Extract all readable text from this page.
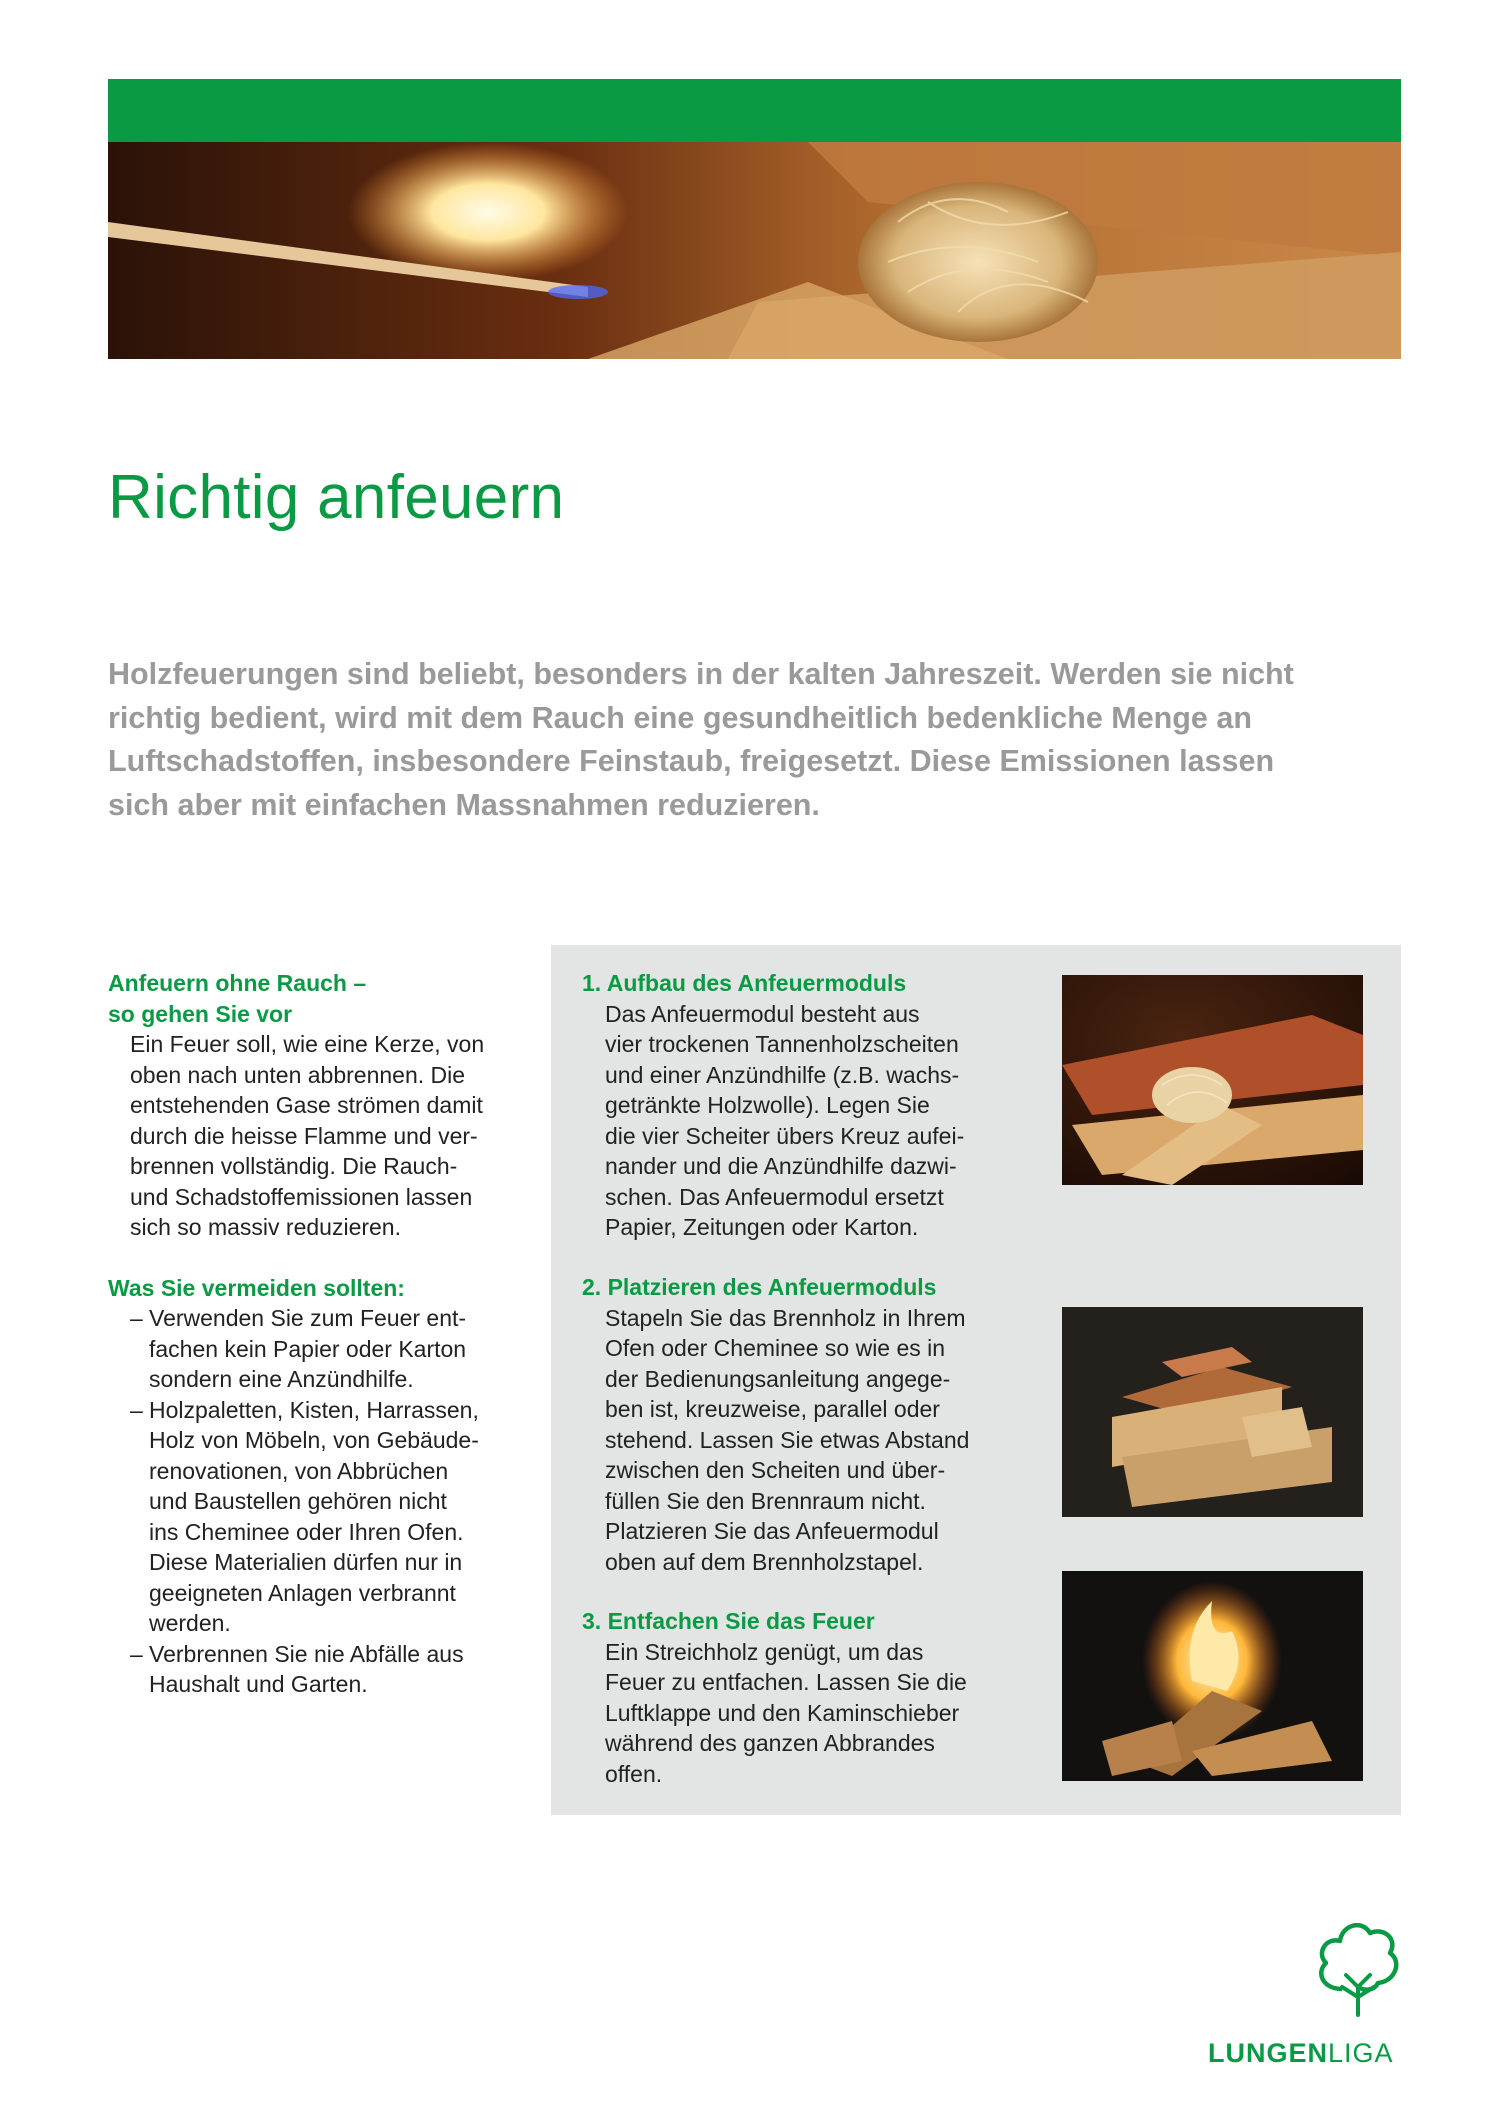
Richtig anfeuern

Holzfeuerungen sind beliebt, besonders in der kalten Jahreszeit. Werden sie nicht
richtig bedient, wird mit dem Rauch eine gesundheitlich bedenkliche Menge an
Luftschadstoffen, insbesondere Feinstaub, freigesetzt. Diese Emissionen lassen
sich aber mit einfachen Massnahmen reduzieren.

Anfeuern ohne Rauch –
so gehen Sie vor
Ein Feuer soll, wie eine Kerze, von
oben nach unten abbrennen. Die
entstehenden Gase strömen damit
durch die heisse Flamme und ver-
brennen vollständig. Die Rauch-
und Schadstoffemissionen lassen
sich so massiv reduzieren.
Was Sie vermeiden sollten:
– Verwenden Sie zum Feuer ent-
fachen kein Papier oder Karton
sondern eine Anzündhilfe.
– Holzpaletten, Kisten, Harrassen,
Holz von Möbeln, von Gebäude-
renovationen, von Abbrüchen
und Baustellen gehören nicht
ins Cheminee oder Ihren Ofen.
Diese Materialien dürfen nur in
geeigneten Anlagen verbrannt
werden.
– Verbrennen Sie nie Abfälle aus
Haushalt und Garten.
1. Aufbau des Anfeuermoduls
Das Anfeuermodul besteht aus
vier trockenen Tannenholzscheiten
und einer Anzündhilfe (z.B. wachs-
getränkte Holzwolle). Legen Sie
die vier Scheiter übers Kreuz aufei-
nander und die Anzündhilfe dazwi-
schen. Das Anfeuermodul ersetzt
Papier, Zeitungen oder Karton.
2. Platzieren des Anfeuermoduls
Stapeln Sie das Brennholz in Ihrem
Ofen oder Cheminee so wie es in
der Bedienungsanleitung angege-
ben ist, kreuzweise, parallel oder
stehend. Lassen Sie etwas Abstand
zwischen den Scheiten und über-
füllen Sie den Brennraum nicht.
Platzieren Sie das Anfeuermodul
oben auf dem Brennholzstapel.
3. Entfachen Sie das Feuer
Ein Streichholz genügt, um das
Feuer zu entfachen. Lassen Sie die
Luftklappe und den Kaminschieber
während des ganzen Abbrandes
offen.
LUNGENLIGA
